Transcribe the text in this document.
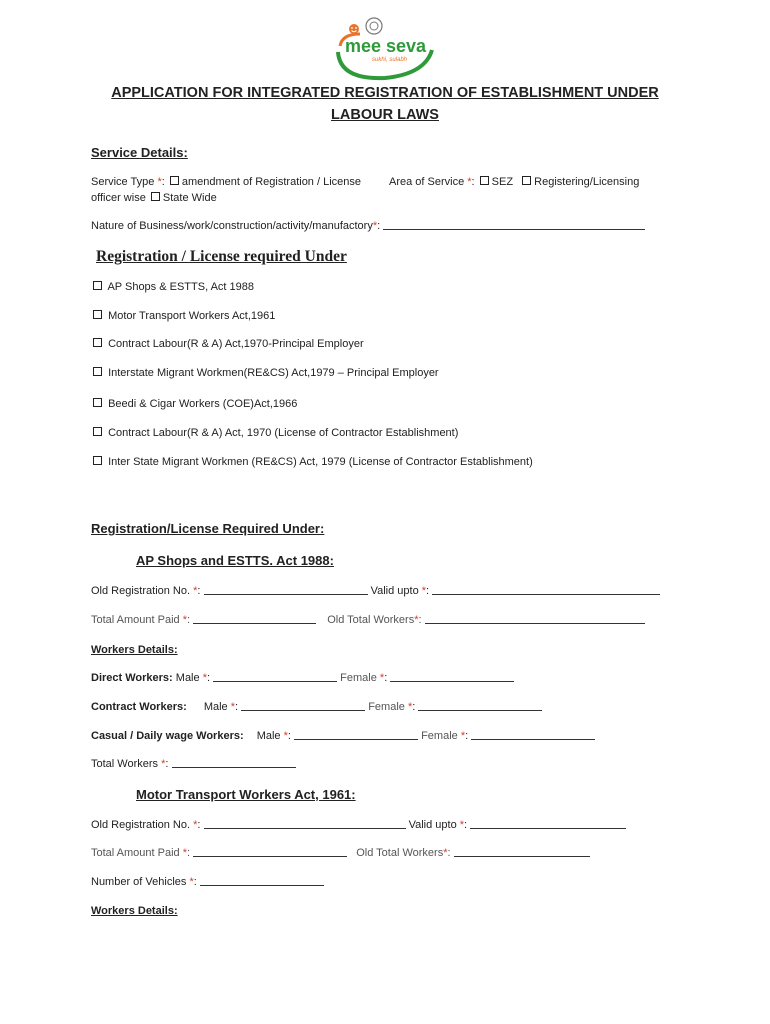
mee seva
sukhi, sulabh
APPLICATION FOR INTEGRATED REGISTRATION OF ESTABLISHMENT UNDER
LABOUR LAWS
Service Details:
Service Type *: amendment of Registration / License	Area of Service *: SEZ Registering/Licensing
officer wise State Wide
Nature of Business/work/construction/activity/manufactory*:
Registration / License required Under
AP Shops & ESTTS, Act 1988
Motor Transport Workers Act,1961
Contract Labour(R & A) Act,1970-Principal Employer
Interstate Migrant Workmen(RE&CS) Act,1979 – Principal Employer
Beedi & Cigar Workers (COE)Act,1966
Contract Labour(R & A) Act, 1970 (License of Contractor Establishment)
Inter State Migrant Workmen (RE&CS) Act, 1979 (License of Contractor Establishment)
Registration/License Required Under:
AP Shops and ESTTS. Act 1988:
Old Registration No. *:	Valid upto *:
Total Amount Paid *:	Old Total Workers*:
Workers Details:
Direct Workers: Male *:	Female *:
Contract Workers: Male *:	Female *:
Casual / Daily wage Workers: Male *:	Female *:
Total Workers *:
Motor Transport Workers Act, 1961:
Old Registration No. *:	Valid upto *:
Total Amount Paid *:	Old Total Workers*:
Number of Vehicles *:
Workers Details:
